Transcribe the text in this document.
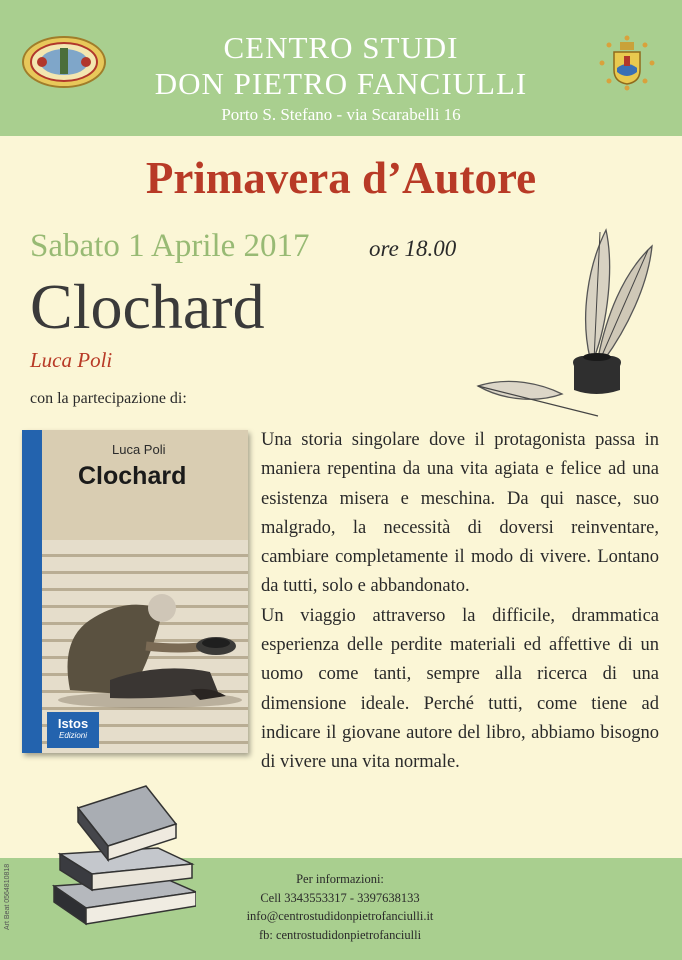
CENTRO STUDI
DON PIETRO FANCIULLI
Porto S. Stefano - via Scarabelli 16
Primavera d’Autore
Sabato 1 Aprile 2017	ore 18.00
Clochard
Luca Poli
con la partecipazione di:
Luca Poli
Clochard
Istos
Edizioni

Una storia singolare dove il protagonista passa in maniera repentina da una vita agiata e felice ad una esistenza misera e meschina. Da qui nasce, suo malgrado, la necessità di doversi reinventare, cambiare completamente il modo di vivere. Lontano da tutti, solo e abbandonato.

Un viaggio attraverso la difficile, drammatica esperienza delle perdite materiali ed affettive di un uomo come tanti, sempre alla ricerca di una dimensione ideale. Perché tutti, come tiene ad indicare il giovane autore del libro, abbiamo bisogno di vivere una vita normale.

Per informazioni:
Cell 3343553317 - 3397638133
info@centrostudidonpietrofanciulli.it
fb: centrostudidonpietrofanciulli
Art Beat 0564810818
